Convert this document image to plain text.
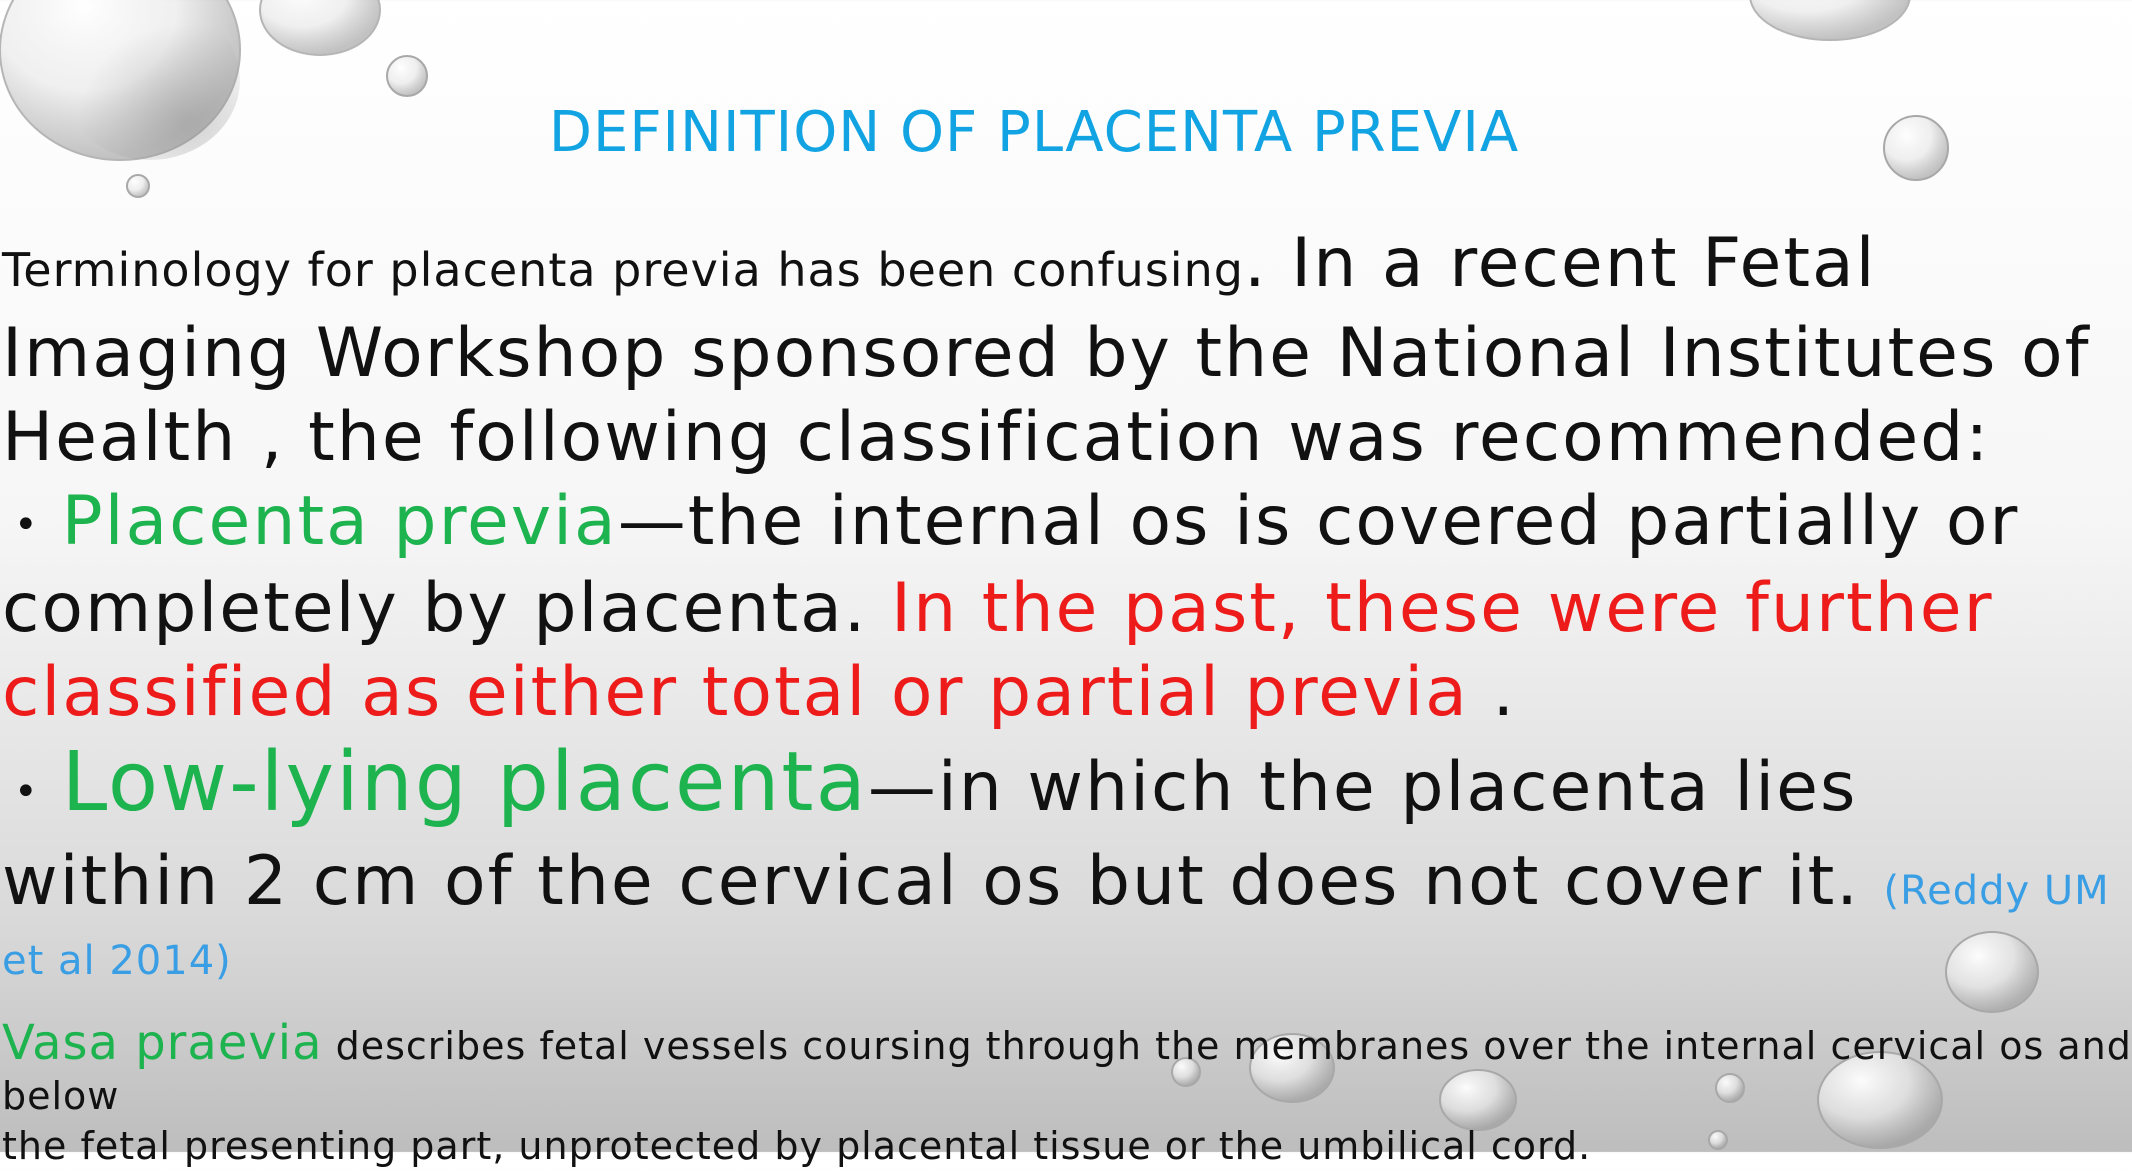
DEFINITION OF PLACENTA PREVIA

Terminology for placenta previa has been confusing. In a recent Fetal

Imaging Workshop sponsored by the National Institutes of

Health , the following classification was recommended:

• Placenta previa—the internal os is covered partially or

completely by placenta. In the past, these were further

classified as either total or partial previa .

• Low-lying placenta—in which the placenta lies

within 2 cm of the cervical os but does not cover it. (Reddy UM

et al 2014)

Vasa praevia describes fetal vessels coursing through the membranes over the internal cervical os and

below

the fetal presenting part, unprotected by placental tissue or the umbilical cord.
